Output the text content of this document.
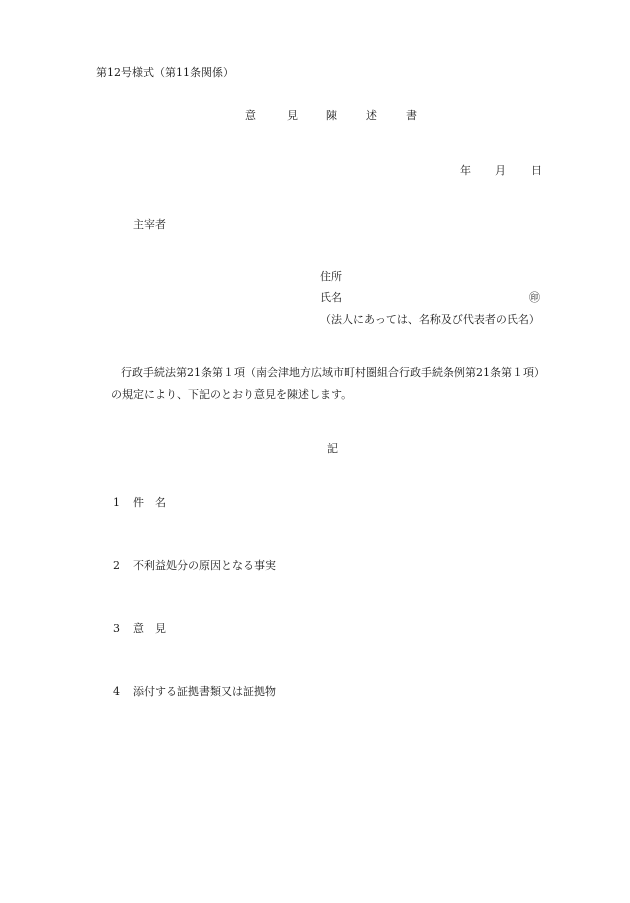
第12号様式（第11条関係）
意	見	陳	述	書
年 月 日
主宰者
住所
氏名	㊞
（法人にあっては、名称及び代表者の氏名）
行政手続法第21条第１項（南会津地方広域市町村圏組合行政手続条例第21条第１項）
の規定により、下記のとおり意見を陳述します。
記
1 件　名
2 不利益処分の原因となる事実
3 意　見
4 添付する証拠書類又は証拠物
